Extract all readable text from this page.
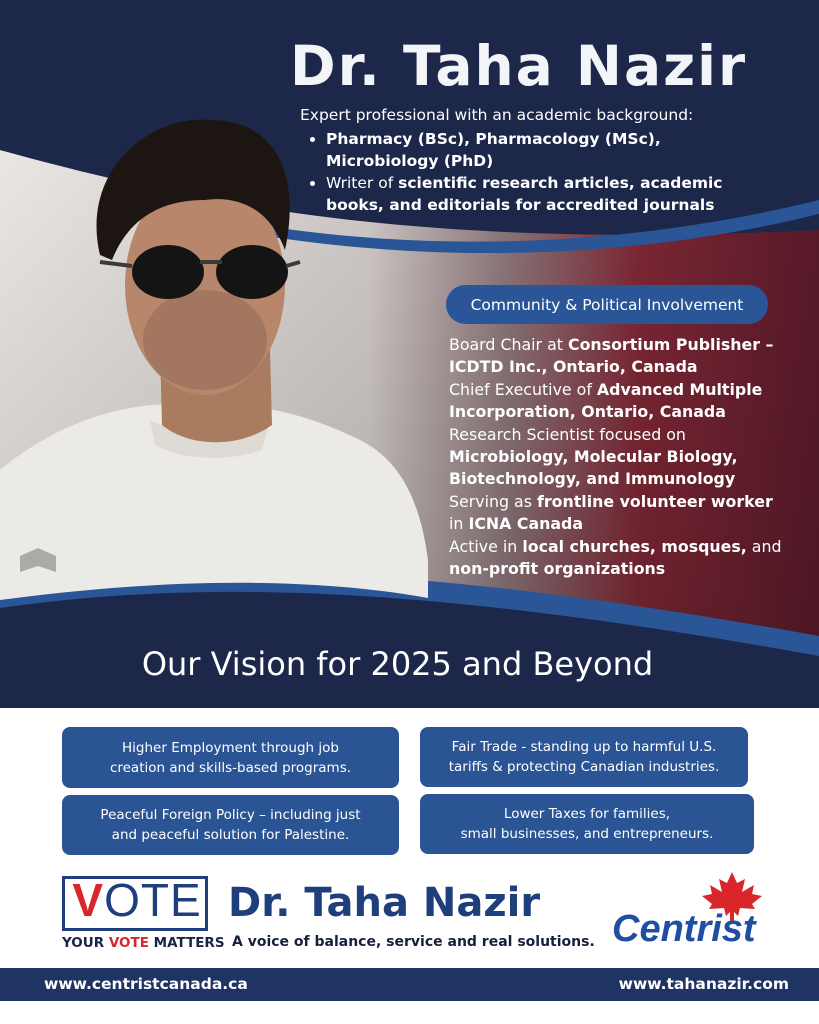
Dr. Taha Nazir

Expert professional with an academic background:

• Pharmacy (BSc), Pharmacology (MSc), Microbiology (PhD)
• Writer of scientific research articles, academic books, and editorials for accredited journals
Community & Political Involvement
Board Chair at Consortium Publisher – ICDTD Inc., Ontario, Canada
Chief Executive of Advanced Multiple Incorporation, Ontario, Canada
Research Scientist focused on Microbiology, Molecular Biology, Biotechnology, and Immunology
Serving as frontline volunteer worker in ICNA Canada
Active in local churches, mosques, and non-profit organizations
Our Vision for 2025 and Beyond
Higher Employment through job
creation and skills-based programs.
Fair Trade - standing up to harmful U.S.
tariffs & protecting Canadian industries.
Peaceful Foreign Policy – including just
and peaceful solution for Palestine.
Lower Taxes for families,
small businesses, and entrepreneurs.
VOTE
YOUR VOTE MATTERS
Dr. Taha Nazir
A voice of balance, service and real solutions. Centrist
www.centristcanada.ca	www.tahanazir.com
